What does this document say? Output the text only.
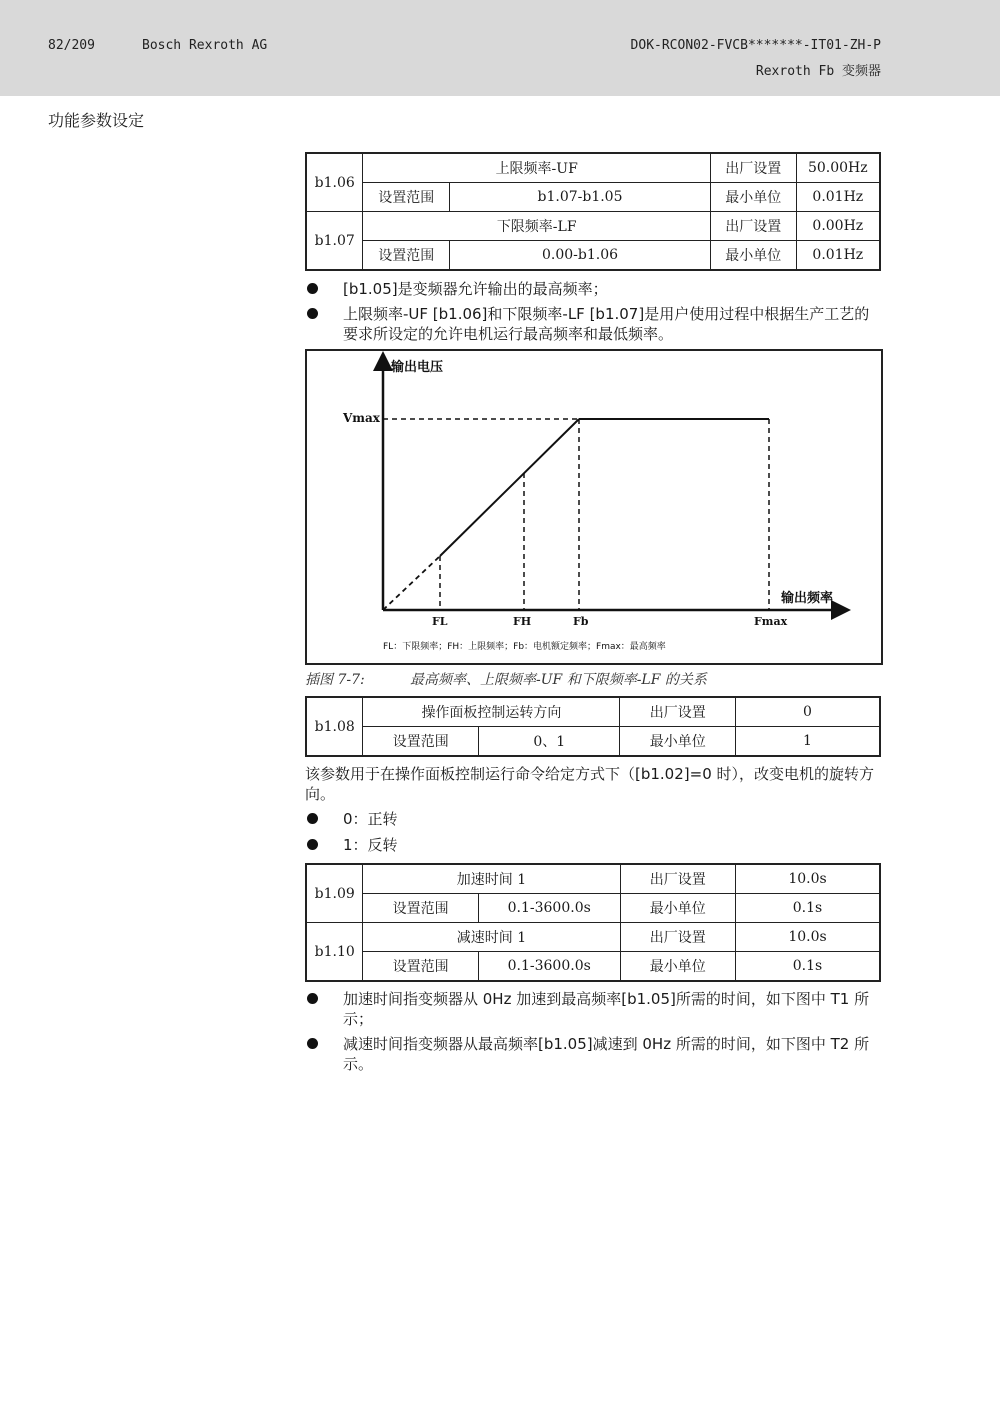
82/209	Bosch Rexroth AG	DOK-RCON02-FVCB*******-IT01-ZH-P
Rexroth Fb 变频器
功能参数设定
b1.06	上限频率-UF		出厂设置	50.00Hz
	设置范围	b1.07-b1.05	最小单位	0.01Hz
b1.07	下限频率-LF		出厂设置	0.00Hz
	设置范围	0.00-b1.06	最小单位	0.01Hz
[b1.05]是变频器允许输出的最高频率；
上限频率-UF [b1.06]和下限频率-LF [b1.07]是用户使用过程中根据生产工艺的要求所设定的允许电机运行最高频率和最低频率。
输出电压
Vmax
输出频率
FL	FH	Fb	Fmax
FL：下限频率；FH：上限频率；Fb：电机额定频率；Fmax：最高频率
插图 7-7:	最高频率、上限频率-UF 和下限频率-LF 的关系
b1.08	操作面板控制运转方向		出厂设置	0
	设置范围	0、1	最小单位	1
该参数用于在操作面板控制运行命令给定方式下（[b1.02]=0 时），改变电机的旋转方向。
0：正转
1：反转
b1.09	加速时间 1		出厂设置	10.0s
	设置范围	0.1-3600.0s	最小单位	0.1s
b1.10	减速时间 1		出厂设置	10.0s
	设置范围	0.1-3600.0s	最小单位	0.1s
加速时间指变频器从 0Hz 加速到最高频率[b1.05]所需的时间，如下图中 T1 所示；
减速时间指变频器从最高频率[b1.05]减速到 0Hz 所需的时间，如下图中 T2 所示。
